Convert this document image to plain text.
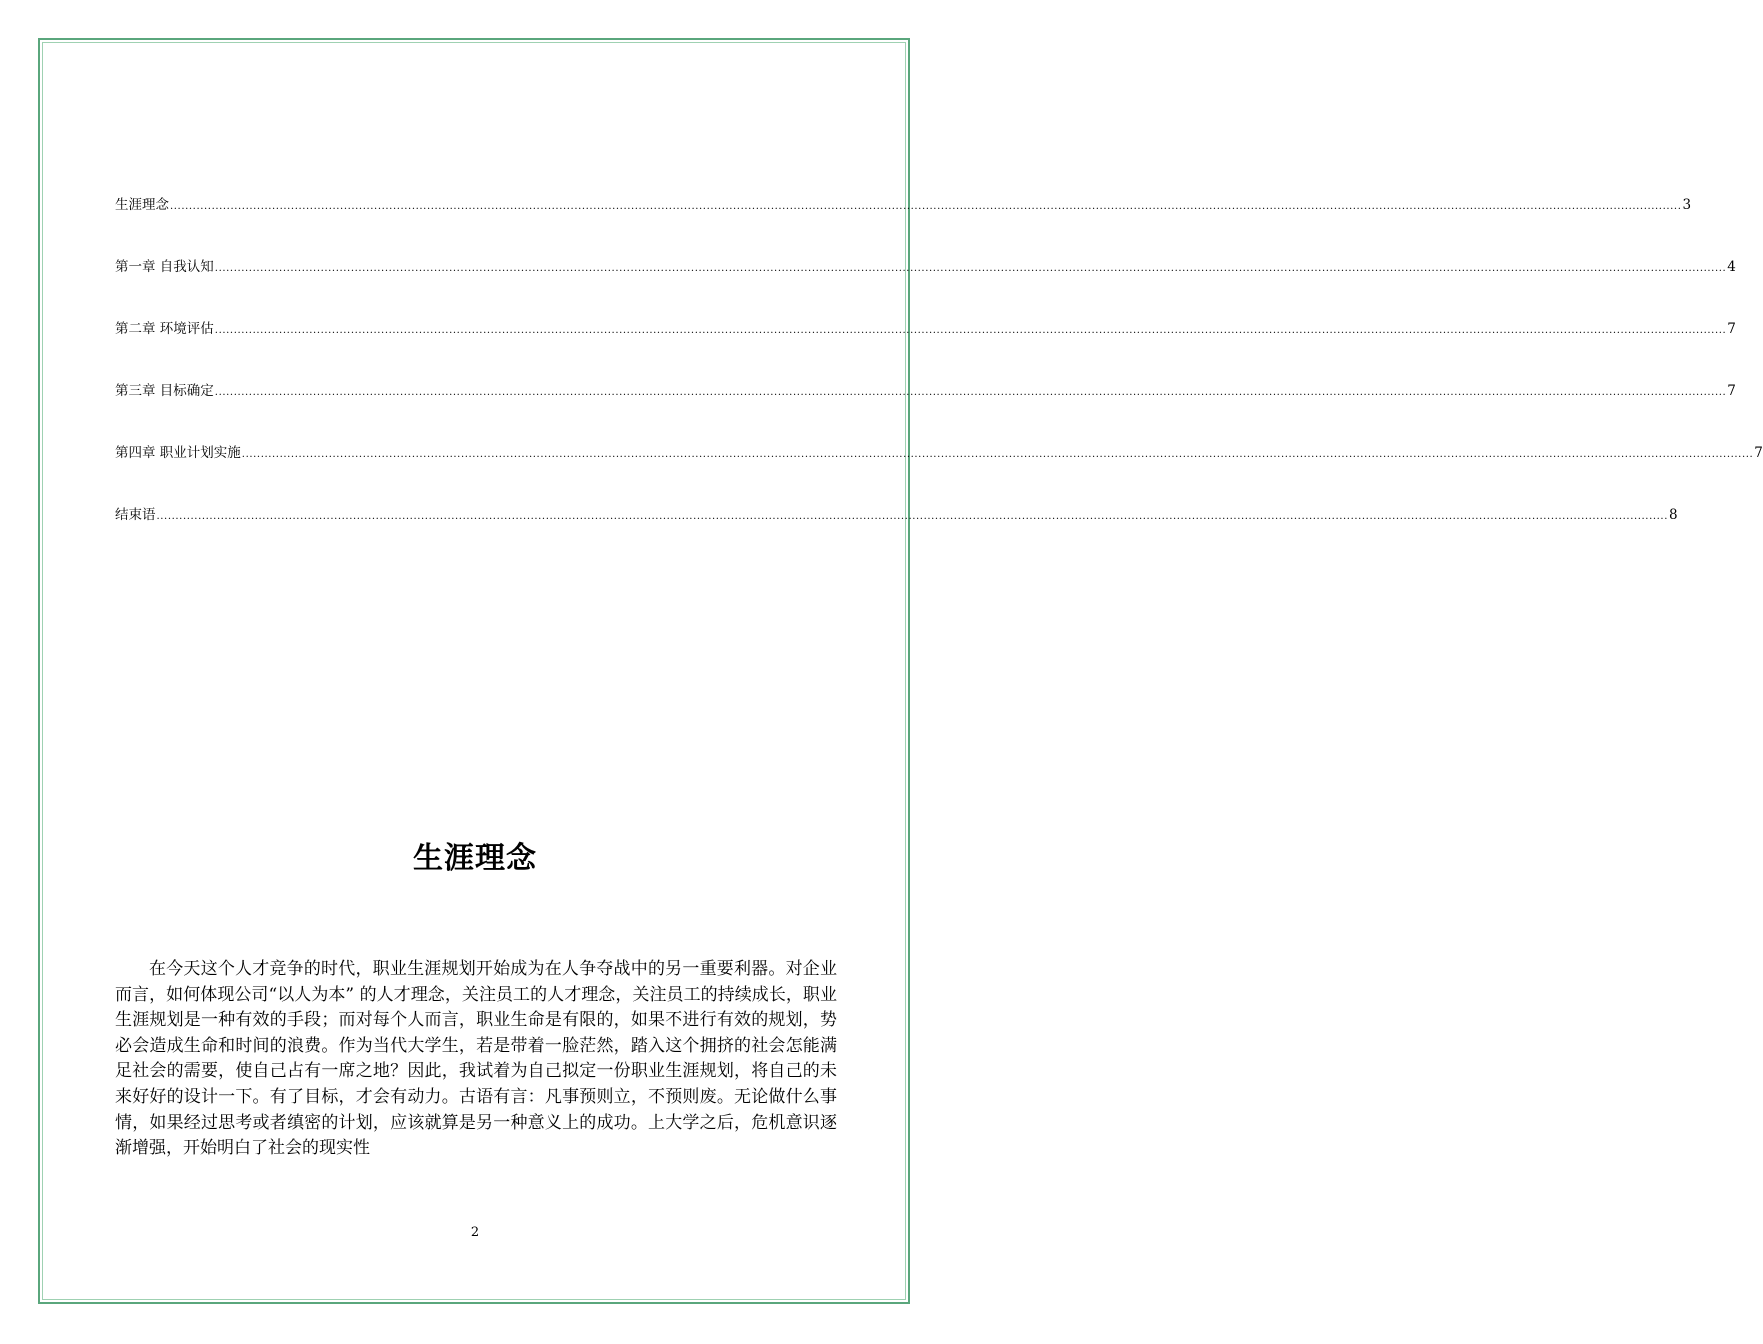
生涯理念 ................................................................................................................................................................................................................................................................................................................................................................................................................ 3
第一章 自我认知 ................................................................................................................................................................................................................................................................................................................................................................................................................ 4
第二章 环境评估 ................................................................................................................................................................................................................................................................................................................................................................................................................ 7
第三章 目标确定 ................................................................................................................................................................................................................................................................................................................................................................................................................ 7
第四章 职业计划实施 ................................................................................................................................................................................................................................................................................................................................................................................................................ 7
结束语 ................................................................................................................................................................................................................................................................................................................................................................................................................ 8
生涯理念
在今天这个人才竞争的时代，职业生涯规划开始成为在人争夺战中的另一重要利器。对企业而言，如何体现公司“以人为本” 的人才理念，关注员工的人才理念，关注员工的持续成长，职业生涯规划是一种有效的手段；而对每个人而言，职业生命是有限的，如果不进行有效的规划，势必会造成生命和时间的浪费。作为当代大学生，若是带着一脸茫然，踏入这个拥挤的社会怎能满足社会的需要，使自己占有一席之地？因此，我试着为自己拟定一份职业生涯规划，将自己的未来好好的设计一下。有了目标，才会有动力。古语有言：凡事预则立，不预则废。无论做什么事情，如果经过思考或者缜密的计划，应该就算是另一种意义上的成功。上大学之后，危机意识逐渐增强，开始明白了社会的现实性
2
